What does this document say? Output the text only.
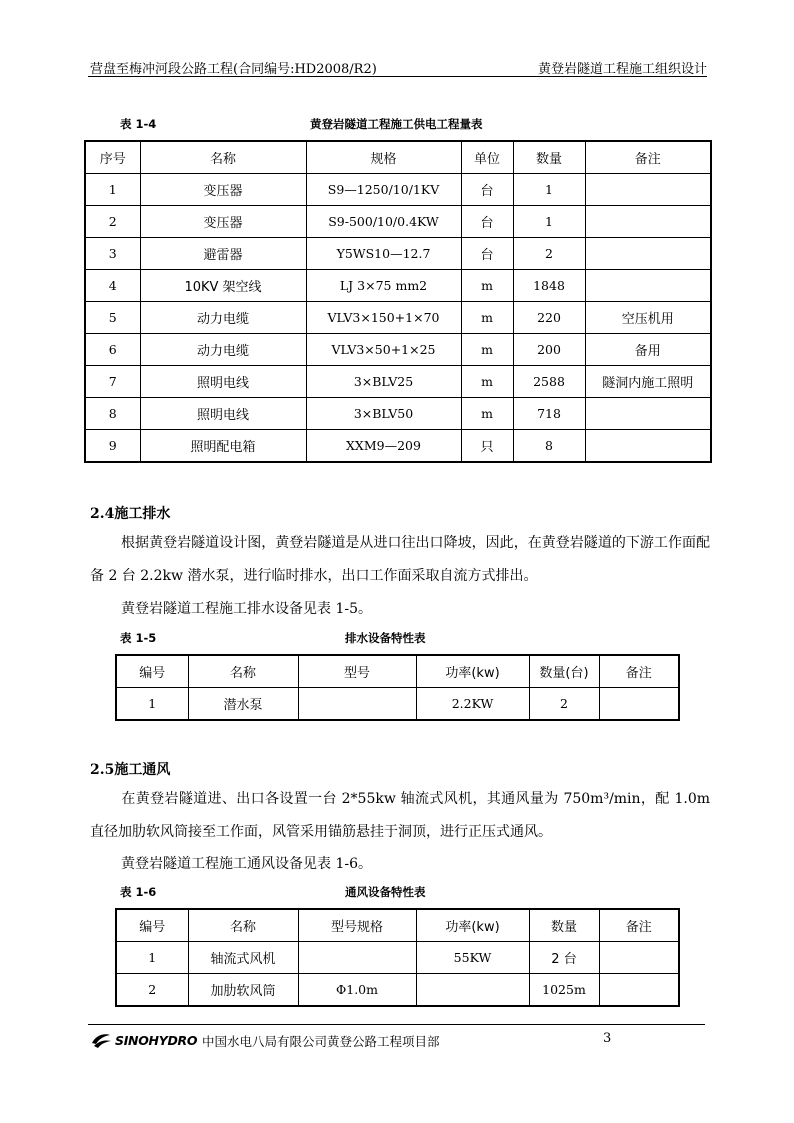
营盘至梅冲河段公路工程(合同编号:HD2008/R2)	黄登岩隧道工程施工组织设计
表 1-4	黄登岩隧道工程施工供电工程量表
序号	名称	规格	单位	数量	备注
1	变压器	S9—1250/10/1KV	台	1	
2	变压器	S9-500/10/0.4KW	台	1	
3	避雷器	Y5WS10—12.7	台	2	
4	10KV 架空线	LJ 3×75 mm2	m	1848	
5	动力电缆	VLV3×150+1×70	m	220	空压机用
6	动力电缆	VLV3×50+1×25	m	200	备用
7	照明电线	3×BLV25	m	2588	隧洞内施工照明
8	照明电线	3×BLV50	m	718	
9	照明配电箱	XXM9—209	只	8	
2.4施工排水
根据黄登岩隧道设计图，黄登岩隧道是从进口往出口降坡，因此，在黄登岩隧道的下游工作面配备 2 台 2.2kw 潜水泵，进行临时排水，出口工作面采取自流方式排出。
黄登岩隧道工程施工排水设备见表 1-5。
表 1-5	排水设备特性表
编号	名称	型号	功率(kw)	数量(台)	备注
1	潜水泵		2.2KW	2	
2.5施工通风
在黄登岩隧道进、出口各设置一台 2*55kw 轴流式风机，其通风量为 750m³/min，配 1.0m 直径加肋软风筒接至工作面，风管采用锚筋悬挂于洞顶，进行正压式通风。
黄登岩隧道工程施工通风设备见表 1-6。
表 1-6	通风设备特性表
编号	名称	型号规格	功率(kw)	数量	备注
1	轴流式风机		55KW	2 台	
2	加肋软风筒	Φ1.0m		1025m	
SINOHYDRO 中国水电八局有限公司黄登公路工程项目部	3
